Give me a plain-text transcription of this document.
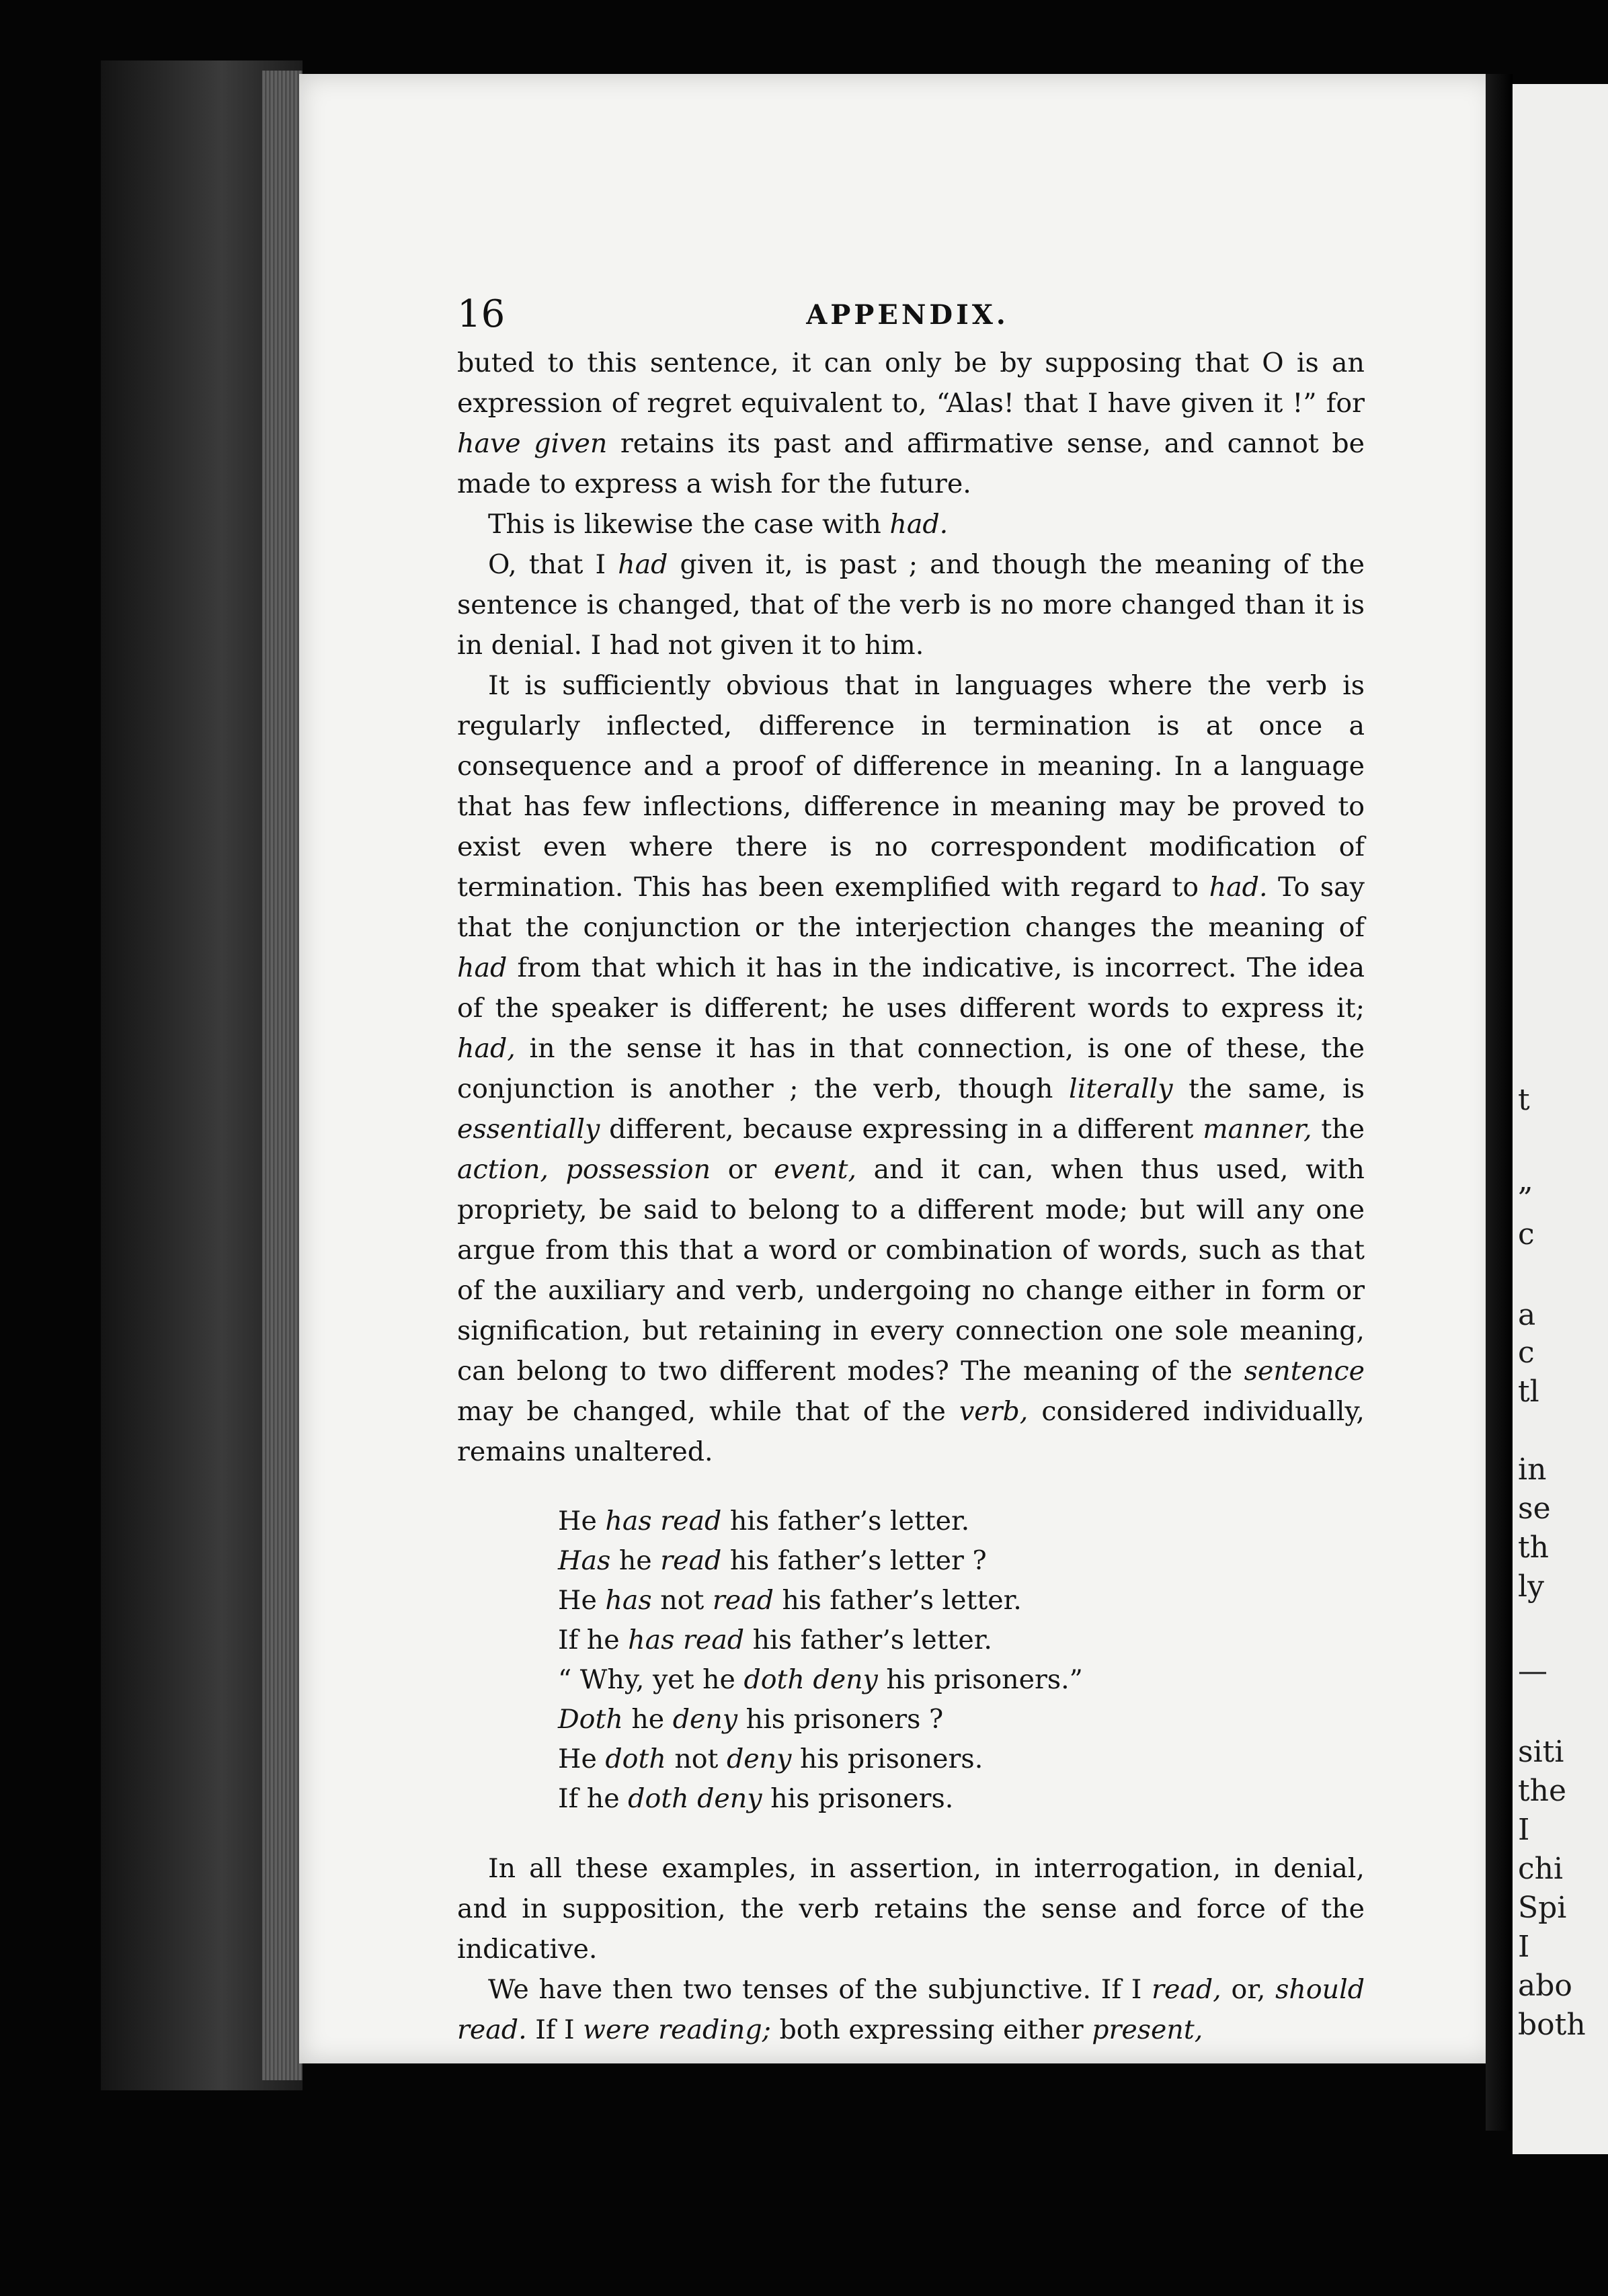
16	APPENDIX.

buted to this sentence, it can only be by supposing that O is an expression of regret equivalent to, “Alas! that I have given it !” for have given retains its past and affirmative sense, and cannot be made to express a wish for the future.

This is likewise the case with had.

O, that I had given it, is past ; and though the meaning of the sentence is changed, that of the verb is no more changed than it is in denial. I had not given it to him.

It is sufficiently obvious that in languages where the verb is regularly inflected, difference in termination is at once a consequence and a proof of difference in meaning. In a language that has few inflections, difference in meaning may be proved to exist even where there is no correspondent modification of termination. This has been exemplified with regard to had. To say that the conjunction or the interjection changes the meaning of had from that which it has in the indicative, is incorrect. The idea of the speaker is different; he uses different words to express it; had, in the sense it has in that connection, is one of these, the conjunction is another ; the verb, though literally the same, is essentially different, because expressing in a different manner, the action, possession or event, and it can, when thus used, with propriety, be said to belong to a different mode; but will any one argue from this that a word or combination of words, such as that of the auxiliary and verb, undergoing no change either in form or signification, but retaining in every connection one sole meaning, can belong to two different modes? The meaning of the sentence may be changed, while that of the verb, considered individually, remains unaltered.

He has read his father’s letter.
Has he read his father’s letter ?
He has not read his father’s letter.
If he has read his father’s letter.
“ Why, yet he doth deny his prisoners.”
Doth he deny his prisoners ?
He doth not deny his prisoners.
If he doth deny his prisoners.

In all these examples, in assertion, in interrogation, in denial, and in supposition, the verb retains the sense and force of the indicative.

We have then two tenses of the subjunctive. If I read, or, should read. If I were reading; both expressing either present,

t
„
c
a
c
tl
in
se
th
ly
—
siti
the
I
chi
Spi
I
abo
both
